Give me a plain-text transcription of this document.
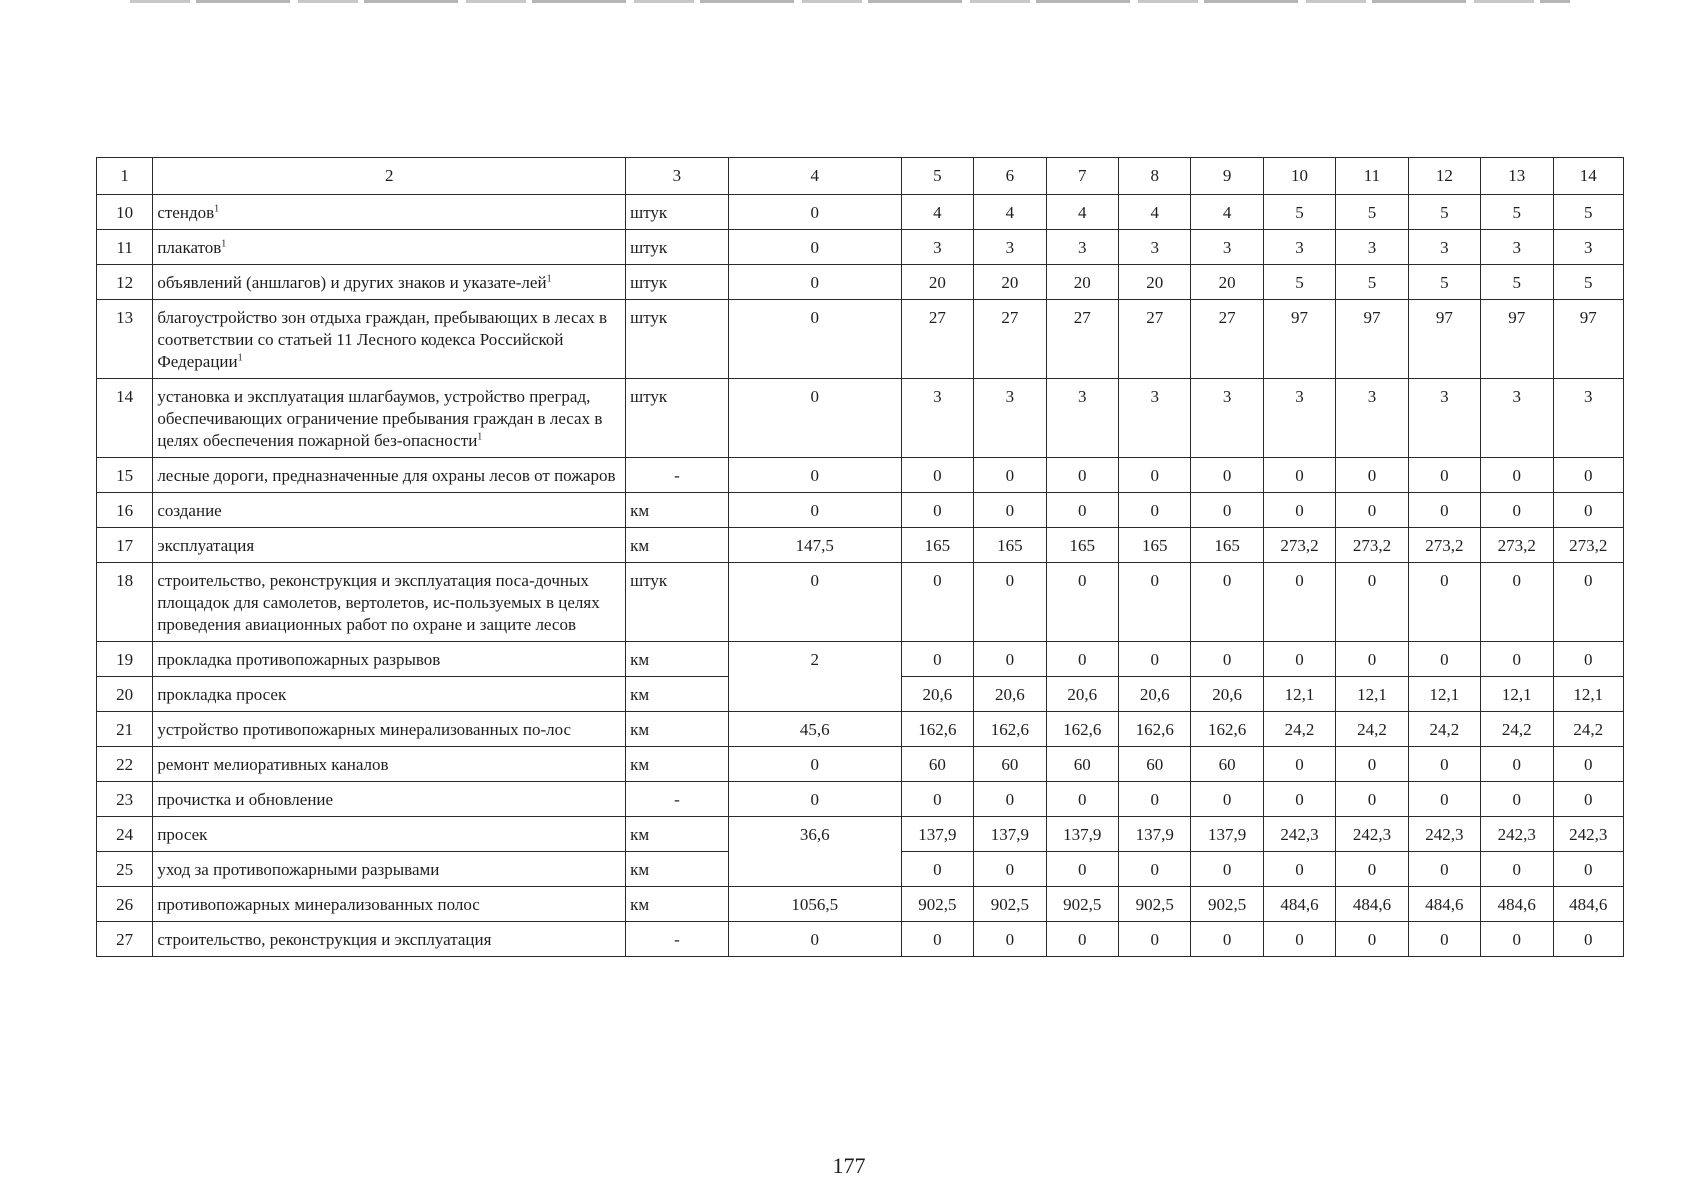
1	2	3	4	5	6	7	8	9	10	11	12	13	14
10	стендов$^1$	штук	0	4	4	4	4	4	5	5	5	5	5
11	плакатов$^1$	штук	0	3	3	3	3	3	3	3	3	3	3
12	объявлений (аншлагов) и других знаков и указате-лей$^1$	штук	0	20	20	20	20	20	5	5	5	5	5
13	благоустройство зон отдыха граждан, пребывающих в лесах в соответствии со статьей 11 Лесного кодекса Российской Федерации$^1$	штук	0	27	27	27	27	27	97	97	97	97	97
14	установка и эксплуатация шлагбаумов, устройство преград, обеспечивающих ограничение пребывания граждан в лесах в целях обеспечения пожарной без-опасности$^1$	штук	0	3	3	3	3	3	3	3	3	3	3
15	лесные дороги, предназначенные для охраны лесов от пожаров	-	0	0	0	0	0	0	0	0	0	0	0
16	создание	км	0	0	0	0	0	0	0	0	0	0	0
17	эксплуатация	км	147,5	165	165	165	165	165	273,2	273,2	273,2	273,2	273,2
18	строительство, реконструкция и эксплуатация поса-дочных площадок для самолетов, вертолетов, ис-пользуемых в целях проведения авиационных работ по охране и защите лесов	штук	0	0	0	0	0	0	0	0	0	0	0
19	прокладка противопожарных разрывов	км	2	0	0	0	0	0	0	0	0	0	0
20	прокладка просек	км		20,6	20,6	20,6	20,6	20,6	12,1	12,1	12,1	12,1	12,1
21	устройство противопожарных минерализованных по-лос	км	45,6	162,6	162,6	162,6	162,6	162,6	24,2	24,2	24,2	24,2	24,2
22	ремонт мелиоративных каналов	км	0	60	60	60	60	60	0	0	0	0	0
23	прочистка и обновление	-	0	0	0	0	0	0	0	0	0	0	0
24	просек	км	36,6	137,9	137,9	137,9	137,9	137,9	242,3	242,3	242,3	242,3	242,3
25	уход за противопожарными разрывами	км		0	0	0	0	0	0	0	0	0	0
26	противопожарных минерализованных полос	км	1056,5	902,5	902,5	902,5	902,5	902,5	484,6	484,6	484,6	484,6	484,6
27	строительство, реконструкция и эксплуатация	-	0	0	0	0	0	0	0	0	0	0	0
177
